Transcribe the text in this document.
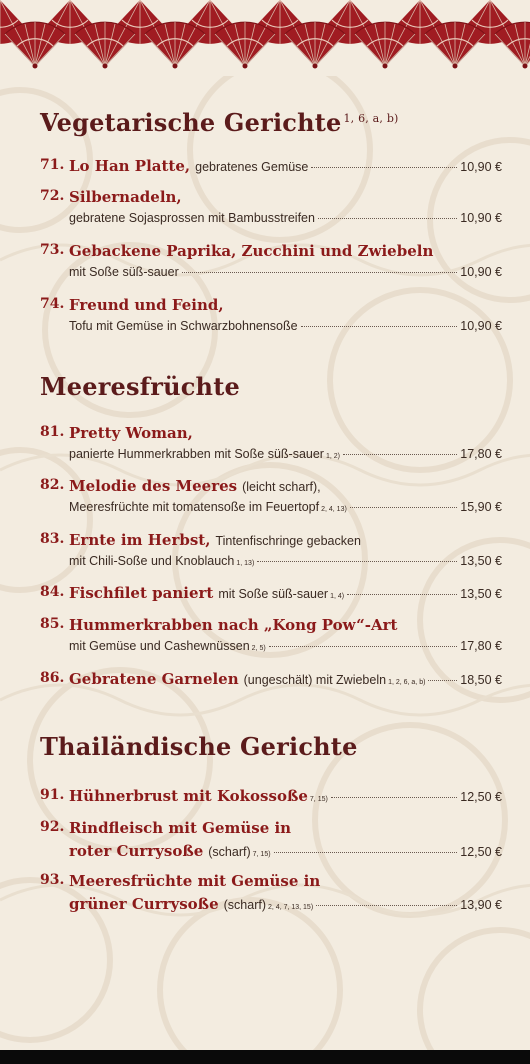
Vegetarische Gerichte $^{1, 6, a, b)}$
71. Lo Han Platte, gebratenes Gemüse	10,90 €
72. Silbernadeln,
gebratene Sojasprossen mit Bambusstreifen	10,90 €
73. Gebackene Paprika, Zucchini und Zwiebeln
mit Soße süß-sauer	10,90 €
74. Freund und Feind,
Tofu mit Gemüse in Schwarzbohnensoße	10,90 €
Meeresfrüchte
81. Pretty Woman,
panierte Hummerkrabben mit Soße süß-sauer 1, 2)	17,80 €
82. Melodie des Meeres (leicht scharf),
Meeresfrüchte mit tomatensoße im Feuertopf 2, 4, 13)	15,90 €
83. Ernte im Herbst, Tintenfischringe gebacken
mit Chili-Soße und Knoblauch 1, 13)	13,50 €
84. Fischfilet paniert mit Soße süß-sauer 1, 4)	13,50 €
85. Hummerkrabben nach „Kong Pow“-Art
mit Gemüse und Cashewnüssen 2, 5)	17,80 €
86. Gebratene Garnelen (ungeschält) mit Zwiebeln 1, 2, 6, a, b)	18,50 €
Thailändische Gerichte
91. Hühnerbrust mit Kokossoße 7, 15)	12,50 €
92. Rindfleisch mit Gemüse in
roter Currysoße (scharf) 7, 15)	12,50 €
93. Meeresfrüchte mit Gemüse in
grüner Currysoße (scharf) 2, 4, 7, 13, 15)	13,90 €
